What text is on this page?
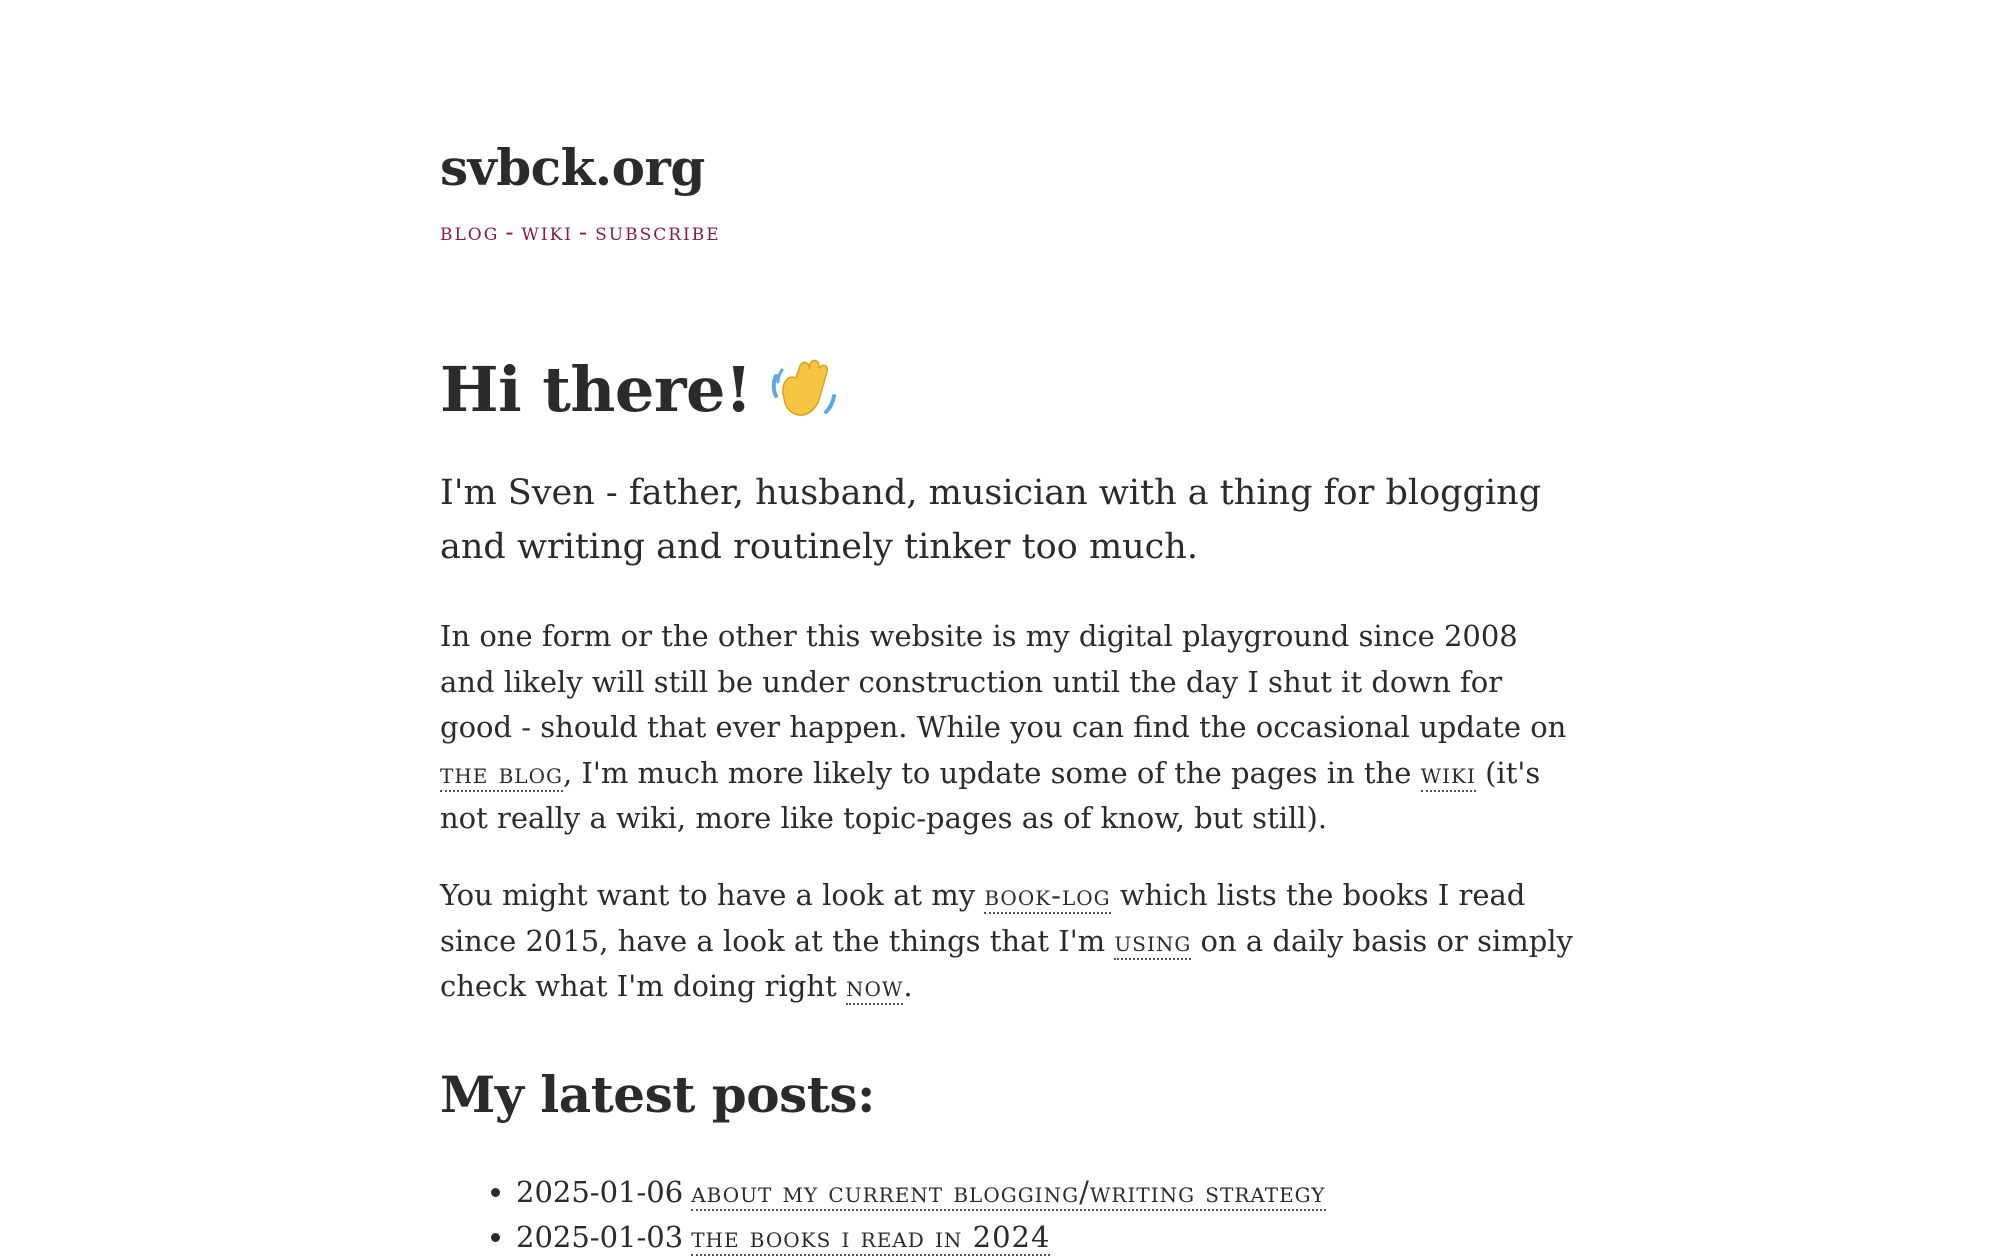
svbck.org
blog - wiki - subscribe
Hi there!

I'm Sven - father, husband, musician with a thing for blogging and writing and routinely tinker too much.

In one form or the other this website is my digital playground since 2008 and likely will still be under construction until the day I shut it down for good - should that ever happen. While you can find the occasional update on the blog, I'm much more likely to update some of the pages in the wiki (it's not really a wiki, more like topic-pages as of know, but still).

You might want to have a look at my book-log which lists the books I read since 2015, have a look at the things that I'm using on a daily basis or simply check what I'm doing right now.

My latest posts:
• 2025-01-06 about my current blogging/writing strategy
• 2025-01-03 the books i read in 2024
